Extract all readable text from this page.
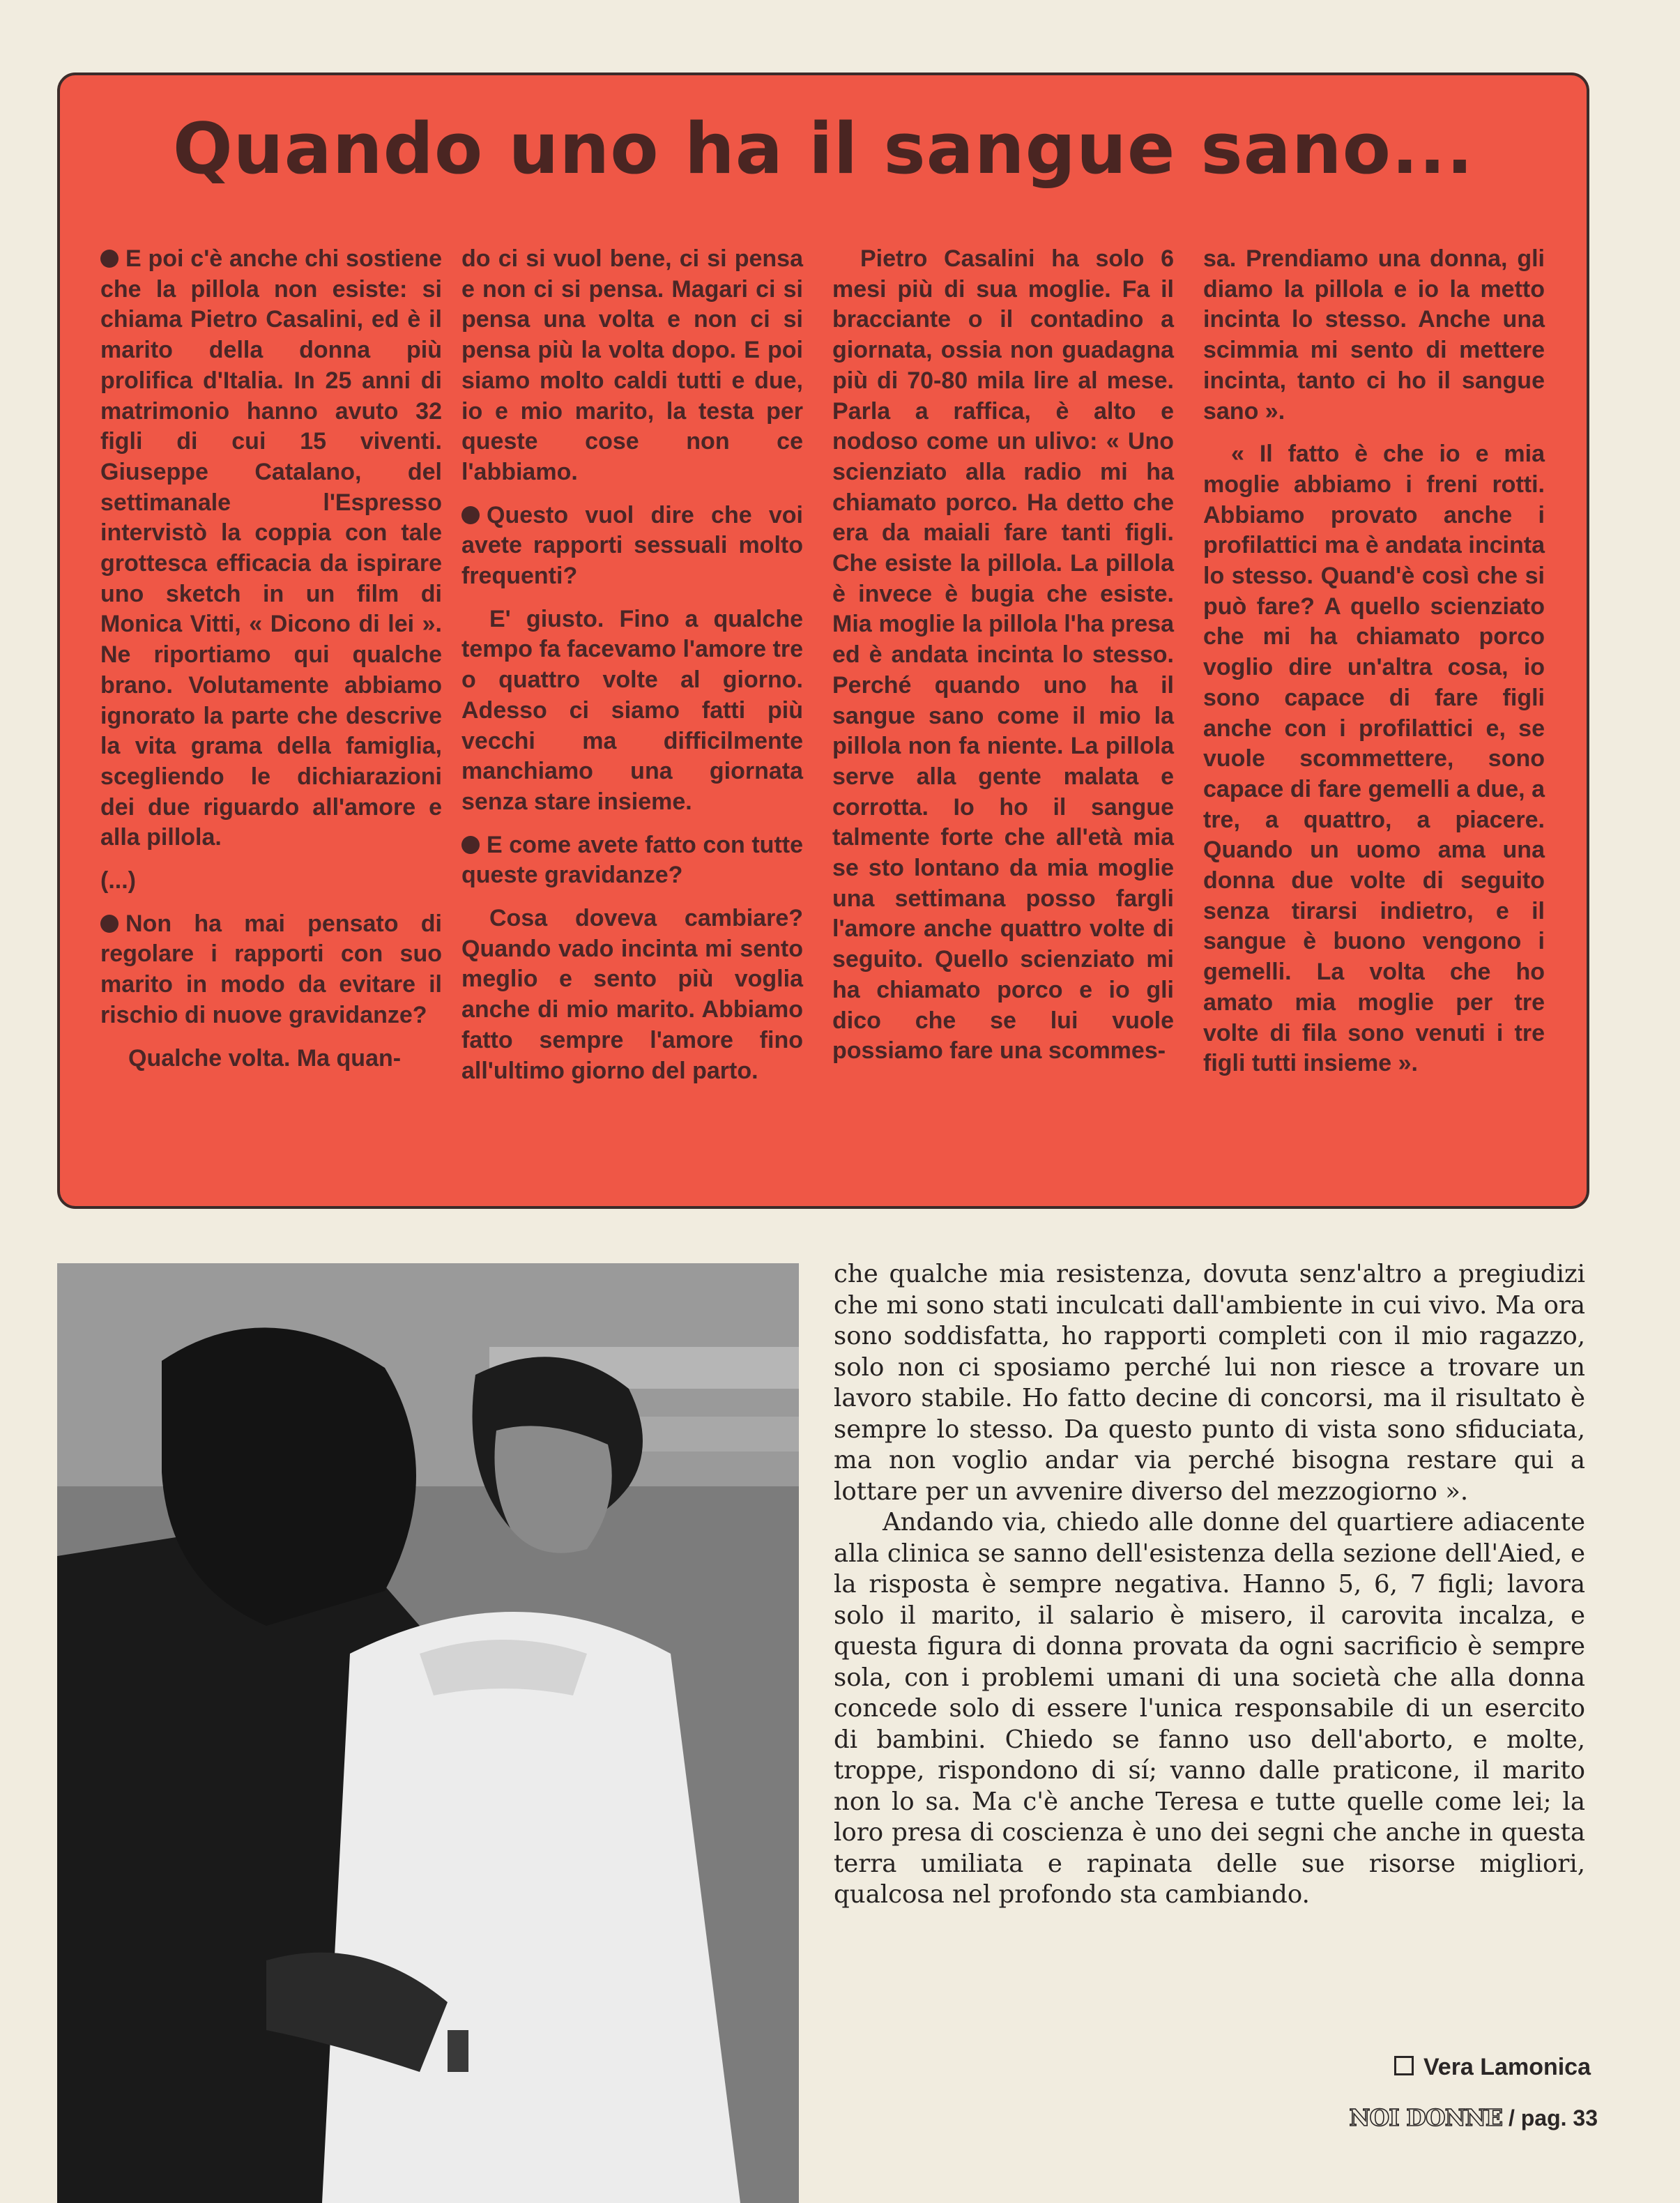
Quando uno ha il sangue sano...

E poi c'è anche chi sostiene che la pillola non esiste: si chiama Pietro Casalini, ed è il marito della donna più prolifica d'Italia. In 25 anni di matrimonio hanno avuto 32 figli di cui 15 viventi. Giuseppe Catalano, del settimanale l'Espresso intervistò la coppia con tale grottesca efficacia da ispirare uno sketch in un film di Monica Vitti, « Dicono di lei ». Ne riportiamo qui qualche brano. Volutamente abbiamo ignorato la parte che descrive la vita grama della famiglia, scegliendo le dichiarazioni dei due riguardo all'amore e alla pillola.

(...)

Non ha mai pensato di regolare i rapporti con suo marito in modo da evitare il rischio di nuove gravidanze?

Qualche volta. Ma quan-

do ci si vuol bene, ci si pensa e non ci si pensa. Magari ci si pensa una volta e non ci si pensa più la volta dopo. E poi siamo molto caldi tutti e due, io e mio marito, la testa per queste cose non ce l'abbiamo.

Questo vuol dire che voi avete rapporti sessuali molto frequenti?

E' giusto. Fino a qualche tempo fa facevamo l'amore tre o quattro volte al giorno. Adesso ci siamo fatti più vecchi ma difficilmente manchiamo una giornata senza stare insieme.

E come avete fatto con tutte queste gravidanze?

Cosa doveva cambiare? Quando vado incinta mi sento meglio e sento più voglia anche di mio marito. Abbiamo fatto sempre l'amore fino all'ultimo giorno del parto.

Pietro Casalini ha solo 6 mesi più di sua moglie. Fa il bracciante o il contadino a giornata, ossia non guadagna più di 70-80 mila lire al mese. Parla a raffica, è alto e nodoso come un ulivo: « Uno scienziato alla radio mi ha chiamato porco. Ha detto che era da maiali fare tanti figli. Che esiste la pillola. La pillola è invece è bugia che esiste. Mia moglie la pillola l'ha presa ed è andata incinta lo stesso. Perché quando uno ha il sangue sano come il mio la pillola non fa niente. La pillola serve alla gente malata e corrotta. Io ho il sangue talmente forte che all'età mia se sto lontano da mia moglie una settimana posso fargli l'amore anche quattro volte di seguito. Quello scienziato mi ha chiamato porco e io gli dico che se lui vuole possiamo fare una scommes-

sa. Prendiamo una donna, gli diamo la pillola e io la metto incinta lo stesso. Anche una scimmia mi sento di mettere incinta, tanto ci ho il sangue sano ».

« Il fatto è che io e mia moglie abbiamo i freni rotti. Abbiamo provato anche i profilattici ma è andata incinta lo stesso. Quand'è così che si può fare? A quello scienziato che mi ha chiamato porco voglio dire un'altra cosa, io sono capace di fare figli anche con i profilattici e, se vuole scommettere, sono capace di fare gemelli a due, a tre, a quattro, a piacere. Quando un uomo ama una donna due volte di seguito senza tirarsi indietro, e il sangue è buono vengono i gemelli. La volta che ho amato mia moglie per tre volte di fila sono venuti i tre figli tutti insieme ».

che qualche mia resistenza, dovuta senz'altro a pregiudizi che mi sono stati inculcati dall'ambiente in cui vivo. Ma ora sono soddisfatta, ho rapporti completi con il mio ragazzo, solo non ci sposiamo perché lui non riesce a trovare un lavoro stabile. Ho fatto decine di concorsi, ma il risultato è sempre lo stesso. Da questo punto di vista sono sfiduciata, ma non voglio andar via perché bisogna restare qui a lottare per un avvenire diverso del mezzogiorno ».

Andando via, chiedo alle donne del quartiere adiacente alla clinica se sanno dell'esistenza della sezione dell'Aied, e la risposta è sempre negativa. Hanno 5, 6, 7 figli; lavora solo il marito, il salario è misero, il carovita incalza, e questa figura di donna provata da ogni sacrificio è sempre sola, con i problemi umani di una società che alla donna concede solo di essere l'unica responsabile di un esercito di bambini. Chiedo se fanno uso dell'aborto, e molte, troppe, rispondono di sí; vanno dalle praticone, il marito non lo sa. Ma c'è anche Teresa e tutte quelle come lei; la loro presa di coscienza è uno dei segni che anche in questa terra umiliata e rapinata delle sue risorse migliori, qualcosa nel profondo sta cambiando.

Vera Lamonica
NOI DONNE / pag. 33
